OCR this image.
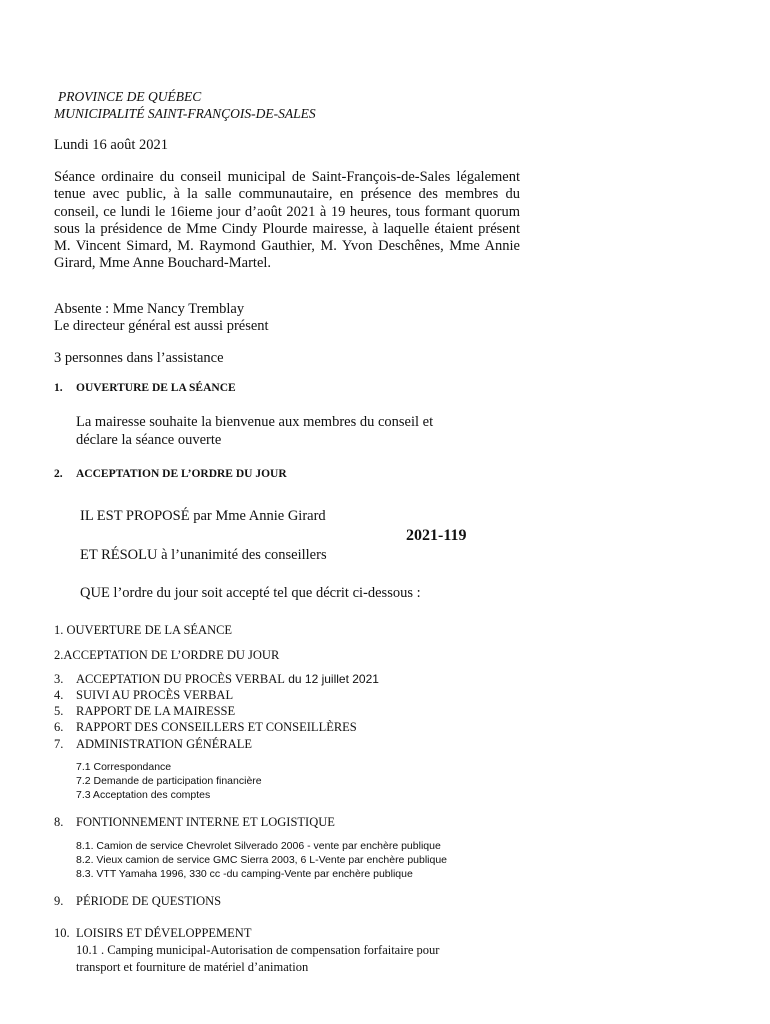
PROVINCE DE QUÉBEC
MUNICIPALITÉ SAINT-FRANÇOIS-DE-SALES
Lundi 16 août 2021
Séance ordinaire du conseil municipal de Saint-François-de-Sales légalement tenue avec public, à la salle communautaire, en présence des membres du conseil, ce lundi le 16ieme jour d’août 2021 à 19 heures, tous formant quorum sous la présidence de Mme Cindy Plourde mairesse, à laquelle étaient présent M. Vincent Simard, M. Raymond Gauthier, M. Yvon Deschênes, Mme Annie Girard, Mme Anne Bouchard-Martel.
Absente : Mme Nancy Tremblay
Le directeur général est aussi présent
3 personnes dans l’assistance
1. OUVERTURE DE LA SÉANCE
La mairesse souhaite la bienvenue aux membres du conseil et
déclare la séance ouverte
2. ACCEPTATION DE L’ORDRE DU JOUR
IL EST PROPOSÉ par Mme Annie Girard
2021-119
ET RÉSOLU à l’unanimité des conseillers
QUE l’ordre du jour soit accepté tel que décrit ci-dessous :
1. OUVERTURE DE LA SÉANCE
2.ACCEPTATION DE L’ORDRE DU JOUR
3. ACCEPTATION DU PROCÈS VERBAL du 12 juillet 2021
4. SUIVI AU PROCÈS VERBAL
5. RAPPORT DE LA MAIRESSE
6. RAPPORT DES CONSEILLERS ET CONSEILLÈRES
7. ADMINISTRATION GÉNÉRALE
7.1 Correspondance
7.2 Demande de participation financière
7.3 Acceptation des comptes
8. FONTIONNEMENT INTERNE ET LOGISTIQUE
8.1. Camion de service Chevrolet Silverado 2006 - vente par enchère publique
8.2. Vieux camion de service GMC Sierra 2003, 6 L-Vente par enchère publique
8.3. VTT Yamaha 1996, 330 cc -du camping-Vente par enchère publique
9. PÉRIODE DE QUESTIONS
10. LOISIRS ET DÉVELOPPEMENT
10.1 . Camping municipal-Autorisation de compensation forfaitaire pour
transport et fourniture de matériel d’animation
